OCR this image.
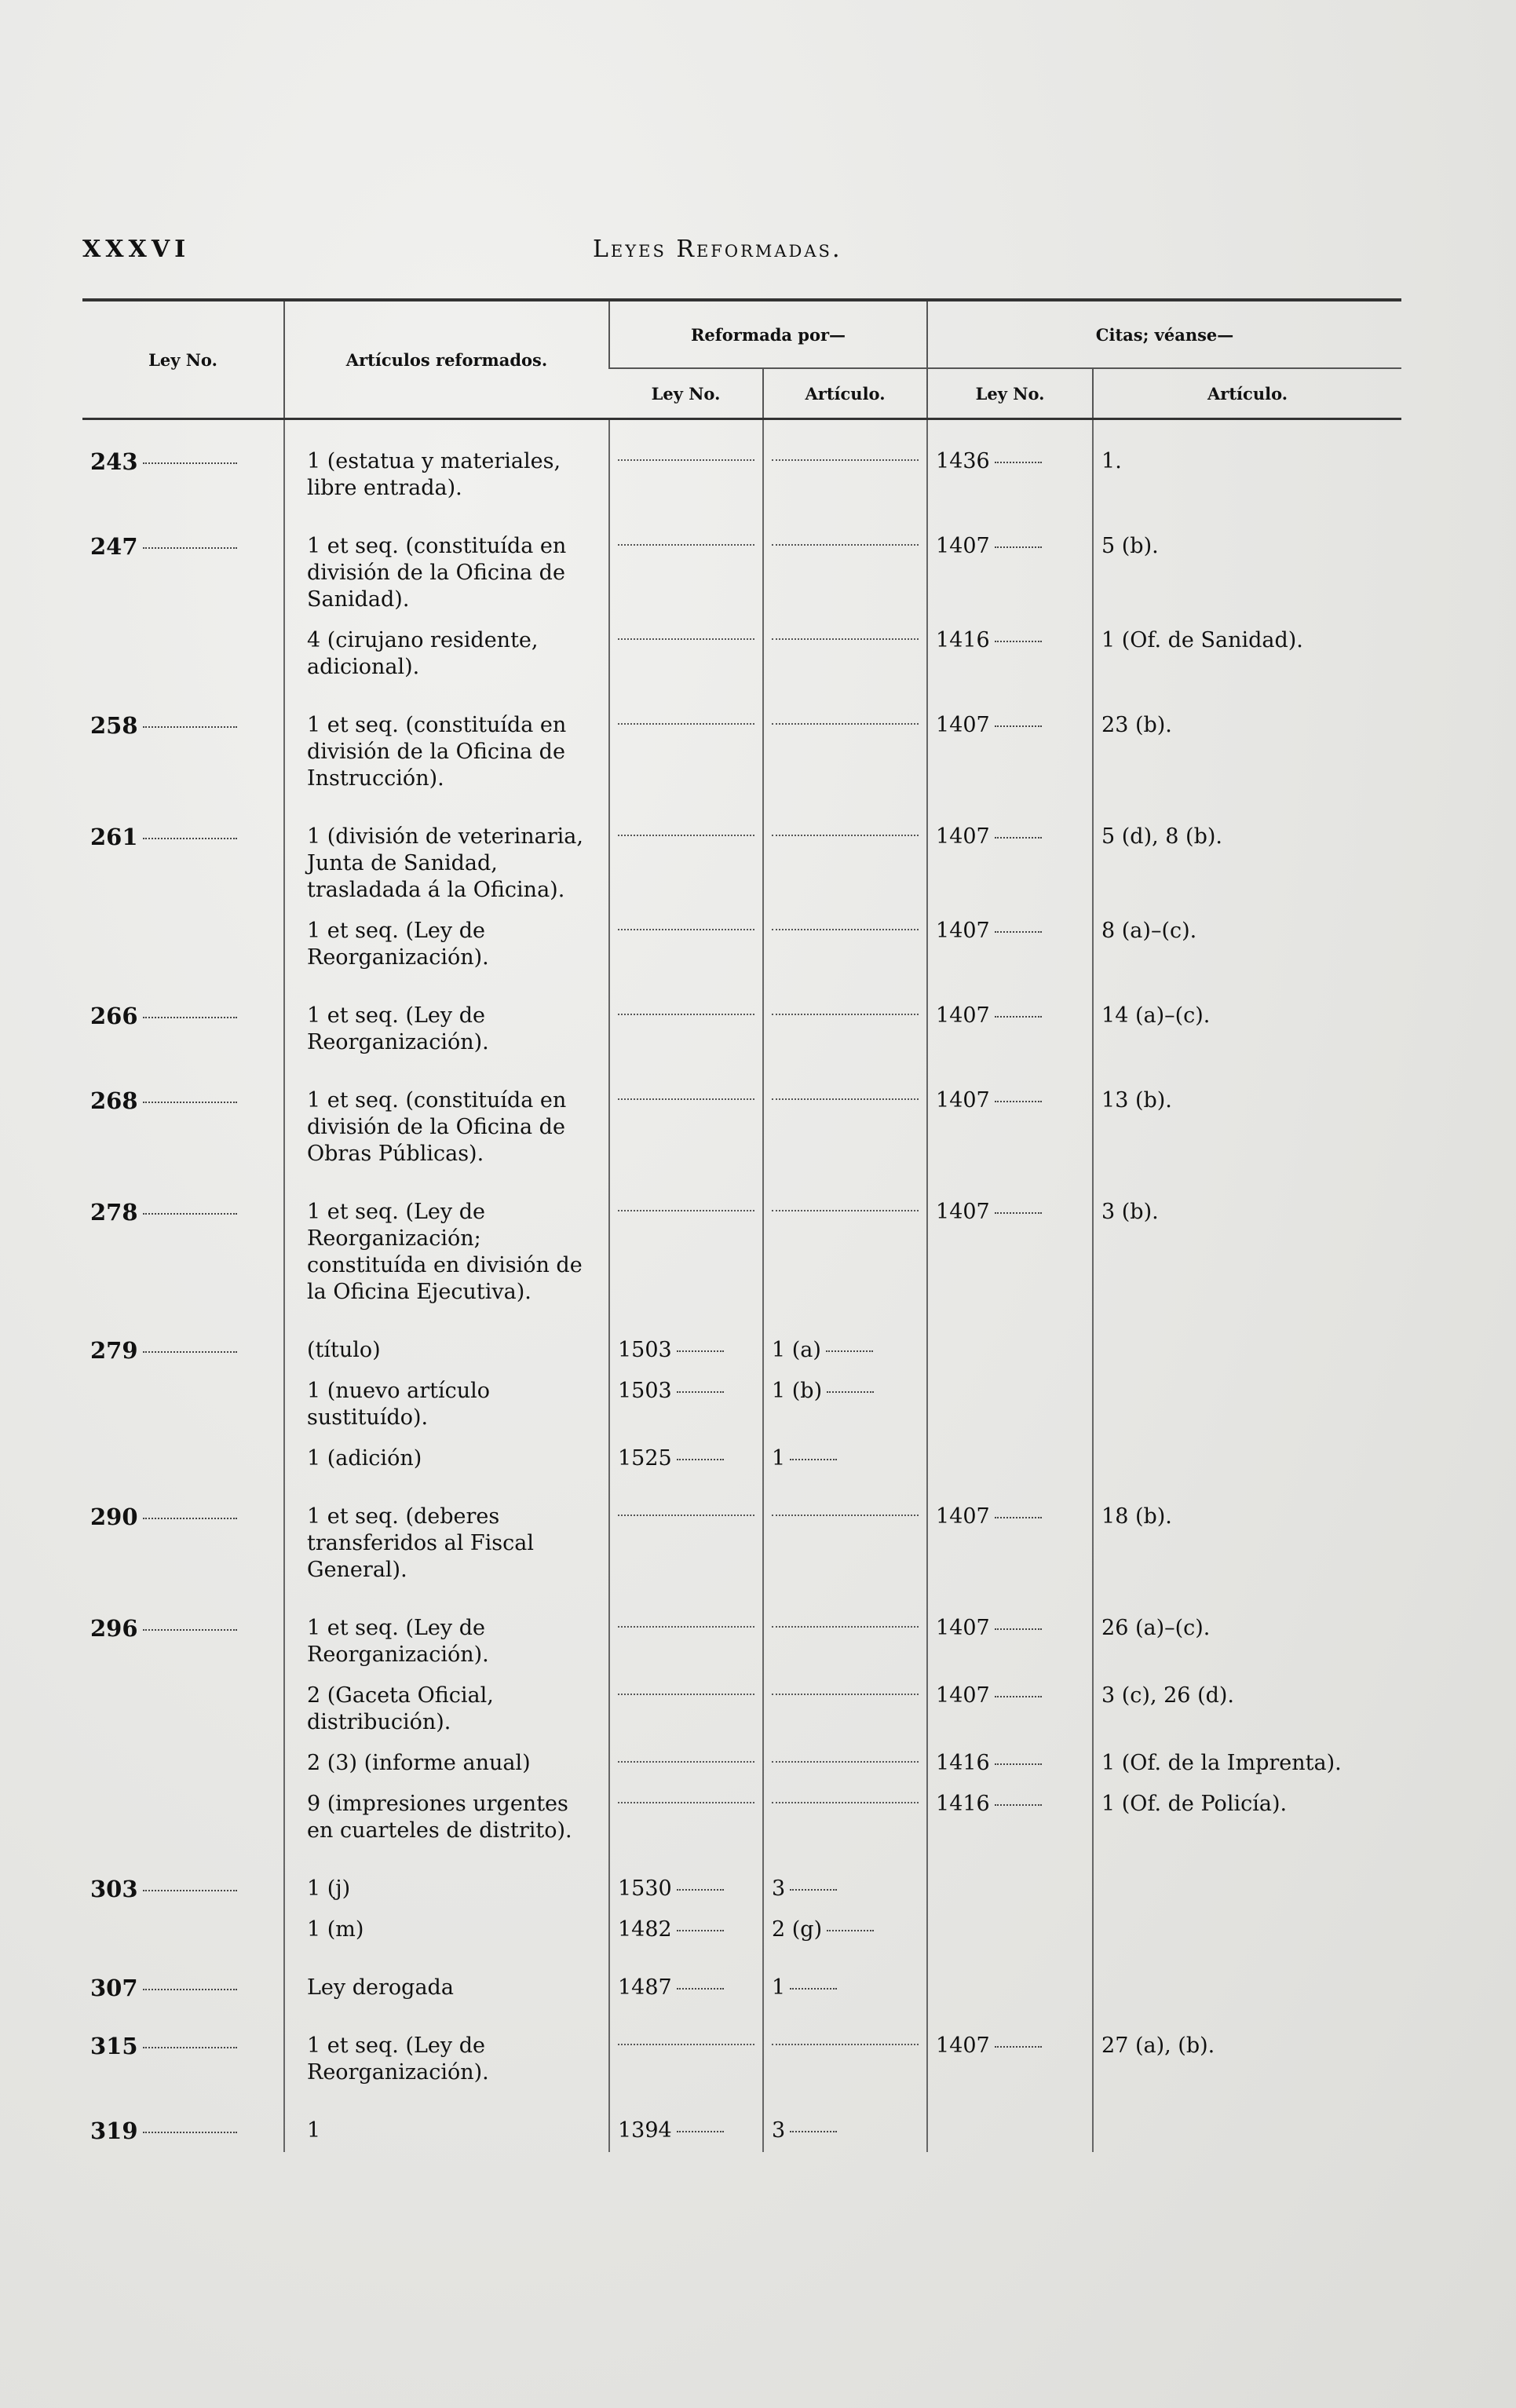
XXXVI	Leyes Reformadas.
Ley No.	Artículos reformados.	Reformada por—		Citas; véanse—	
		Ley No.	Artículo.	Ley No.	Artículo.
243	1 (estatua y materiales, libre entrada).			1436	1.
247	1 et seq. (constituída en división de la Oficina de Sanidad).			1407	5 (b).
	4 (cirujano residente, adicional).			1416	1 (Of. de Sanidad).
258	1 et seq. (constituída en división de la Oficina de Instrucción).			1407	23 (b).
261	1 (división de veterinaria, Junta de Sanidad, trasladada á la Oficina).			1407	5 (d), 8 (b).
	1 et seq. (Ley de Reorganización).			1407	8 (a)–(c).
266	1 et seq. (Ley de Reorganización).			1407	14 (a)–(c).
268	1 et seq. (constituída en división de la Oficina de Obras Públicas).			1407	13 (b).
278	1 et seq. (Ley de Reorganización; constituída en división de la Oficina Ejecutiva).			1407	3 (b).
279	(título)	1503	1 (a)		
	1 (nuevo artículo sustituído).	1503	1 (b)		
	1 (adición)	1525	1		
290	1 et seq. (deberes transferidos al Fiscal General).			1407	18 (b).
296	1 et seq. (Ley de Reorganización).			1407	26 (a)–(c).
	2 (Gaceta Oficial, distribución).			1407	3 (c), 26 (d).
	2 (3) (informe anual)			1416	1 (Of. de la Imprenta).
	9 (impresiones urgentes en cuarteles de distrito).			1416	1 (Of. de Policía).
303	1 (j)	1530	3		
	1 (m)	1482	2 (g)		
307	Ley derogada	1487	1		
315	1 et seq. (Ley de Reorganización).			1407	27 (a), (b).
319	1	1394	3		
